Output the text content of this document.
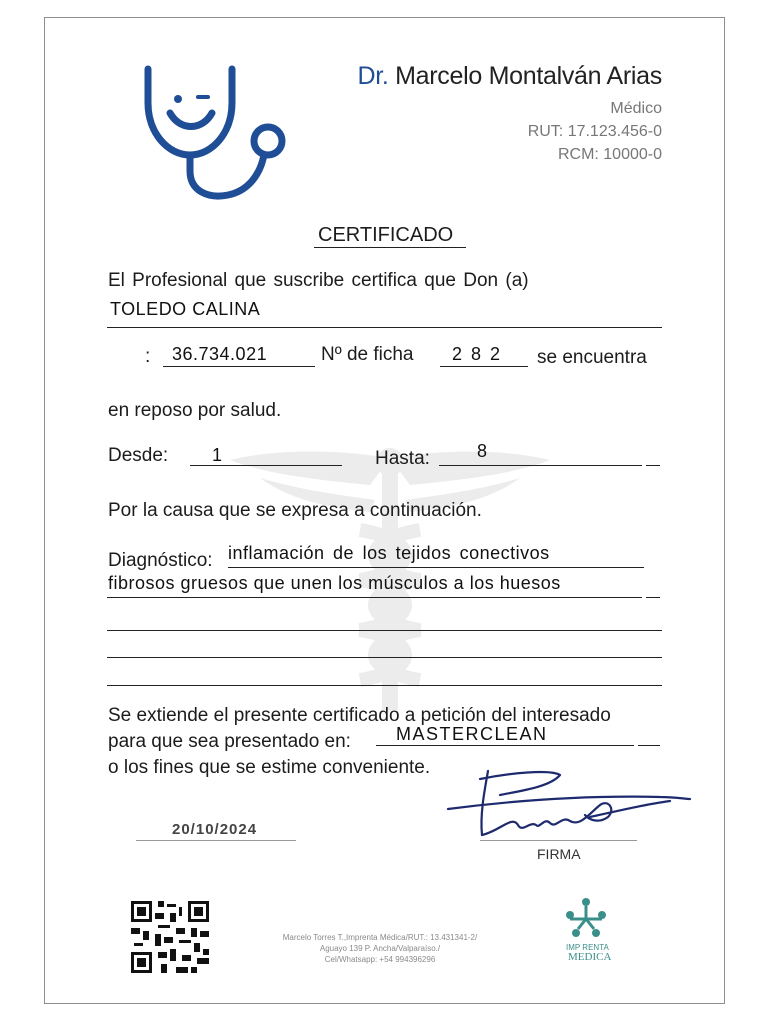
Dr. Marcelo Montalván Arias
Médico
RUT: 17.123.456-0
RCM: 10000-0
CERTIFICADO
El Profesional que suscribe certifica que Don (a)
TOLEDO CALINA
: 36.734.021	Nº de ficha 2 8 2 se encuentra
en reposo por salud.
Desde: 1	Hasta:	8
Por la causa que se expresa a continuación.
Diagnóstico: inflamación de los tejidos conectivos
fibrosos gruesos que unen los músculos a los huesos
Se extiende el presente certificado a petición del interesado
para que sea presentado en:	MASTERCLEAN
o los fines que se estime conveniente.
20/10/2024
FIRMA
Marcelo Torres T.,Imprenta Médica/RUT.: 13.431341-2/
Aguayo 139 P. Ancha/Valparaíso./
Cel/Whatsapp: +54 994396296
IMP RENTA
MEDICA
